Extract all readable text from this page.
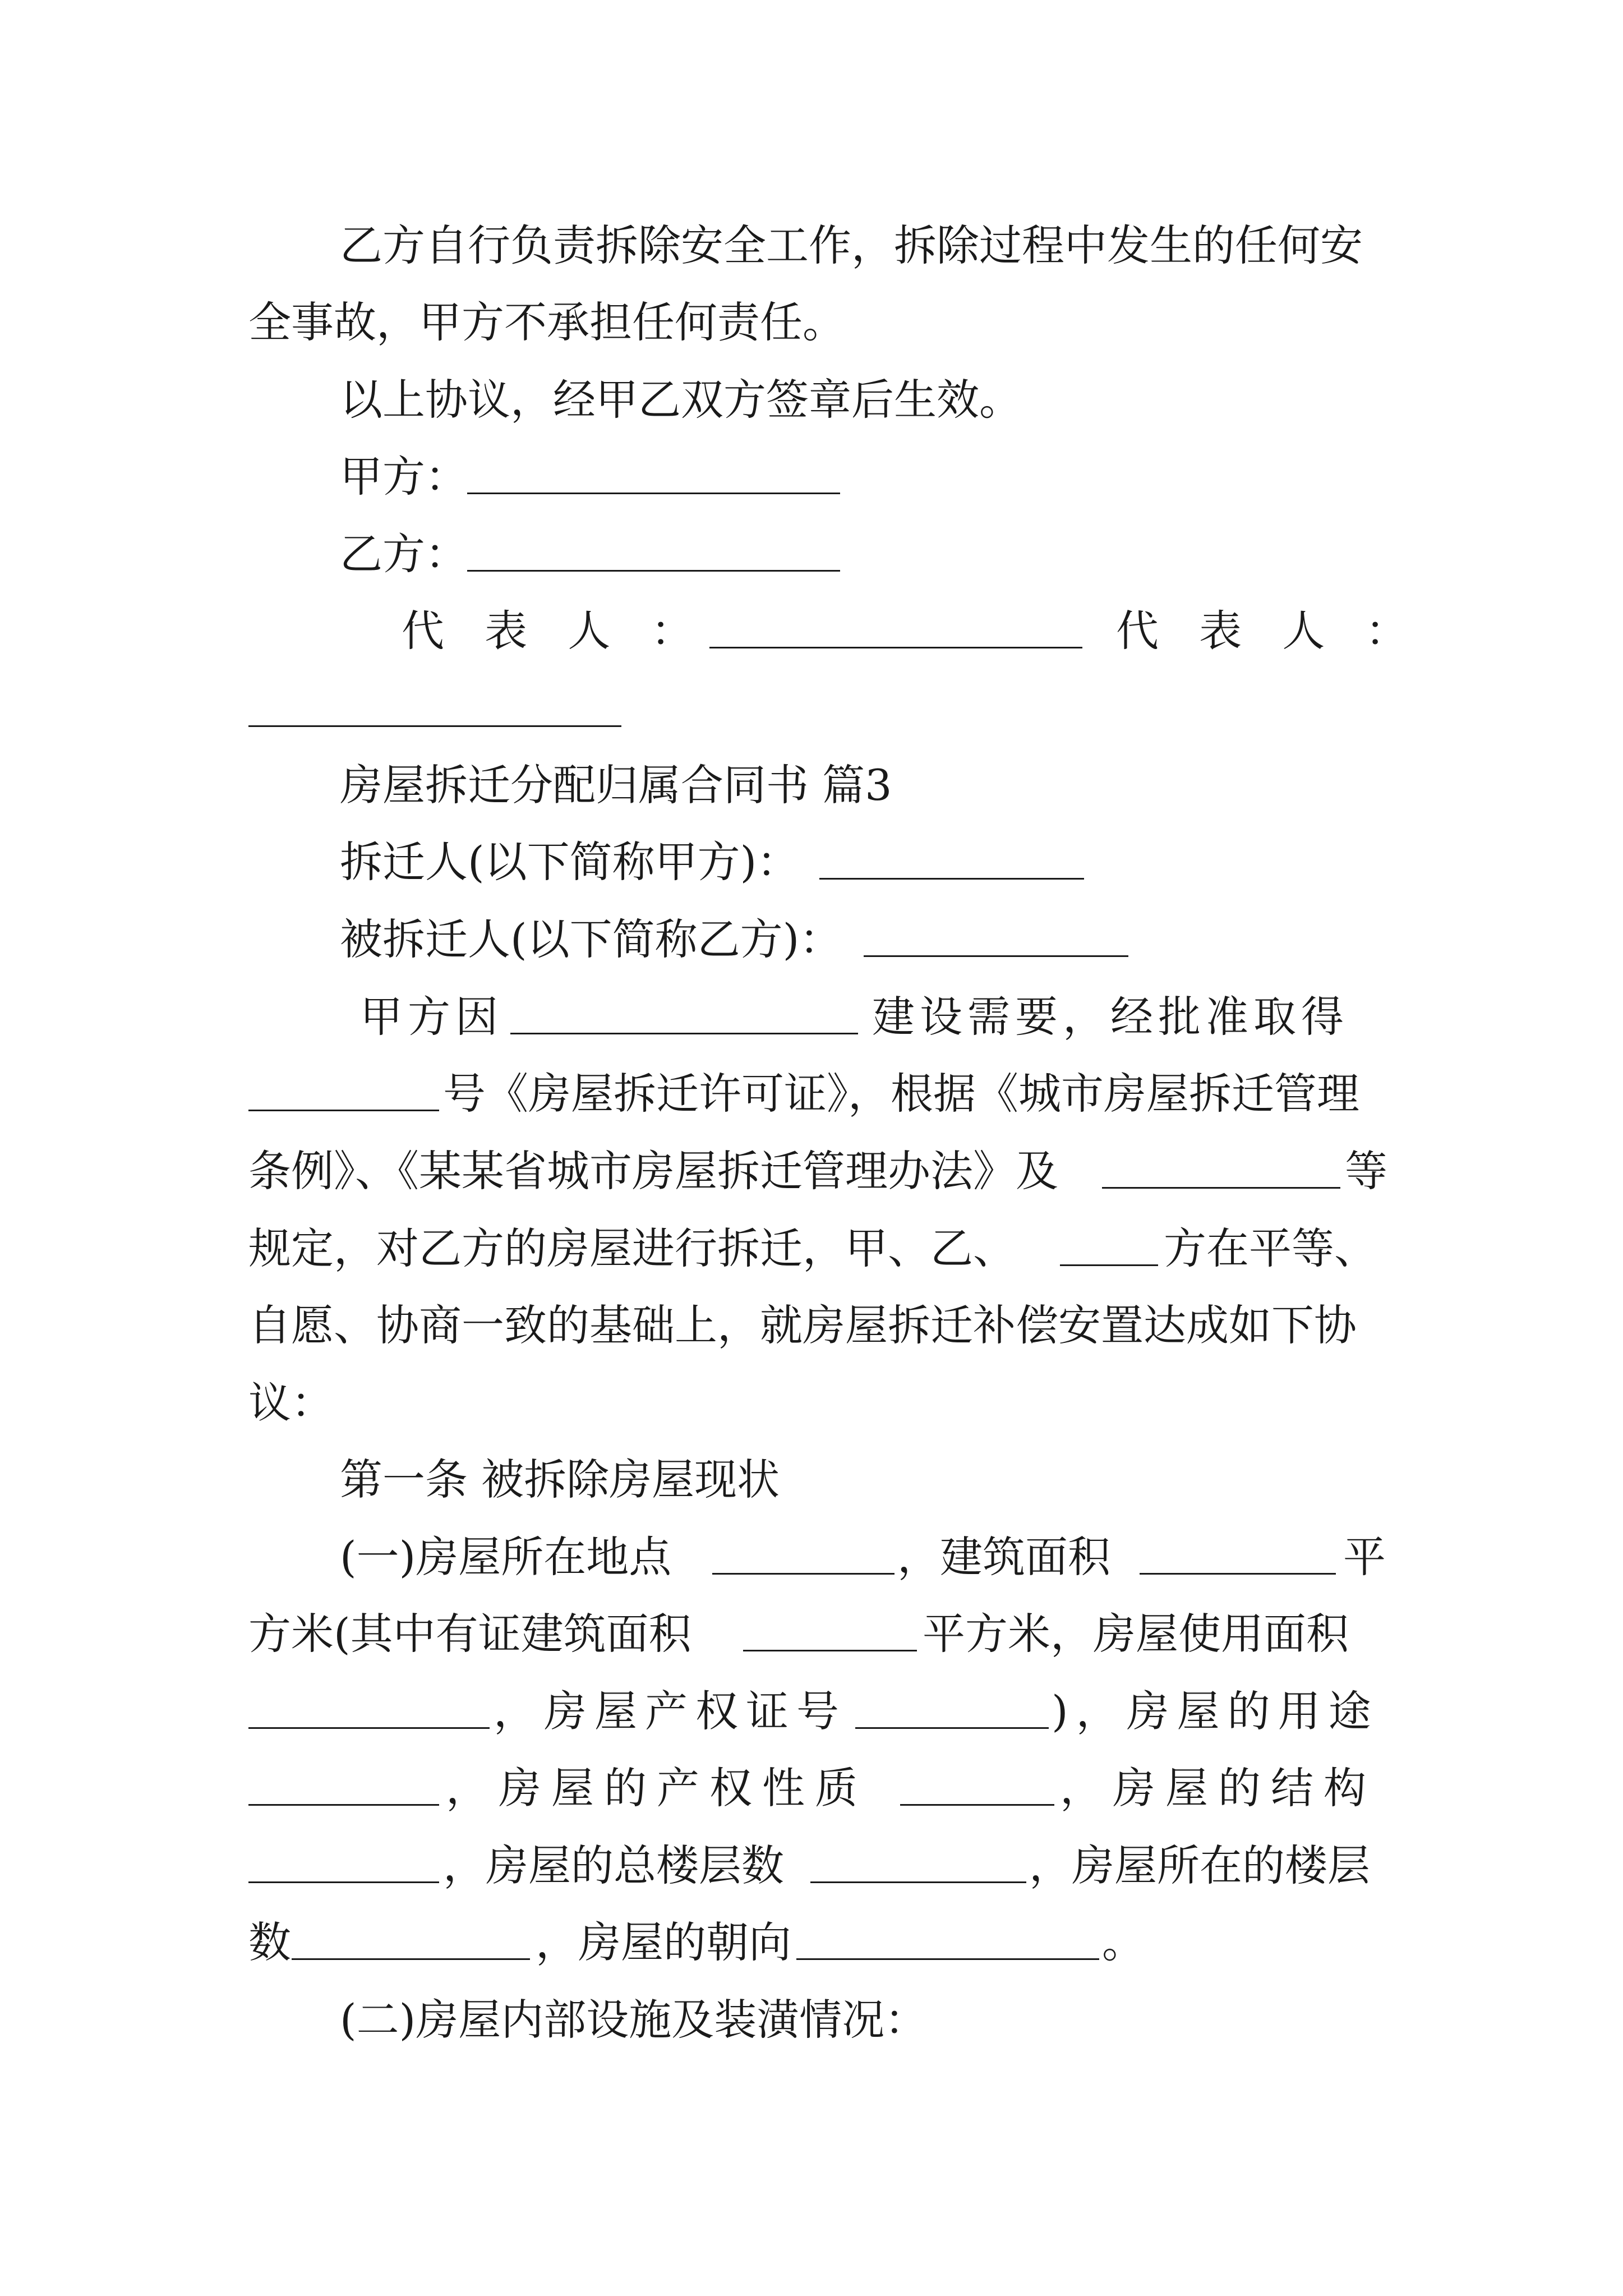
乙方自行负责拆除安全工作，拆除过程中发生的任何安
全事故，甲方不承担任何责任。
以上协议，经甲乙双方签章后生效。
甲方：
乙方：
代 表 人 ：	代 表 人 ：
房屋拆迁分配归属合同书 篇3
拆迁人(以下简称甲方)：
被拆迁人(以下简称乙方)：
甲方因	建设需要，经批准取得
号《房屋拆迁许可证》，根据《城市房屋拆迁管理
条例》、《某某省城市房屋拆迁管理办法》及	等
规定，对乙方的房屋进行拆迁，甲、乙、	方在平等、
自愿、协商一致的基础上，就房屋拆迁补偿安置达成如下协
议：
第一条 被拆除房屋现状
(一)房屋所在地点	，建筑面积	平
方米(其中有证建筑面积	平方米，房屋使用面积
，房屋产权证号	)，房屋的用途
，房屋的产权性质	，房屋的结构
，房屋的总楼层数	，房屋所在的楼层
数	，房屋的朝向	。
(二)房屋内部设施及装潢情况：
